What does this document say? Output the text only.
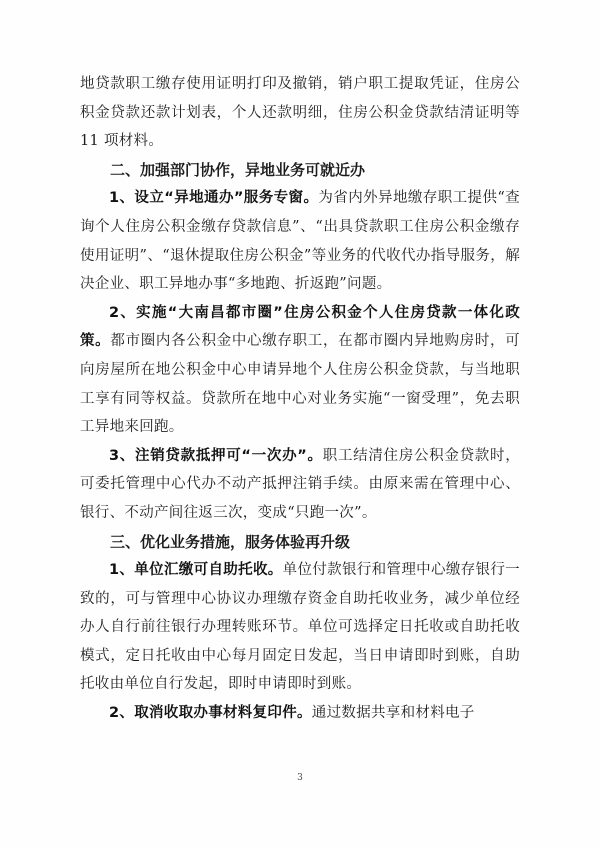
地贷款职工缴存使用证明打印及撤销，销户职工提取凭证，住房公积金贷款还款计划表，个人还款明细，住房公积金贷款结清证明等 11 项材料。

二、加强部门协作，异地业务可就近办

1、设立“异地通办”服务专窗。为省内外异地缴存职工提供“查询个人住房公积金缴存贷款信息”、“出具贷款职工住房公积金缴存使用证明”、“退休提取住房公积金”等业务的代收代办指导服务，解决企业、职工异地办事“多地跑、折返跑”问题。

2、实施“大南昌都市圈”住房公积金个人住房贷款一体化政策。都市圈内各公积金中心缴存职工，在都市圈内异地购房时，可向房屋所在地公积金中心申请异地个人住房公积金贷款，与当地职工享有同等权益。贷款所在地中心对业务实施“一窗受理”，免去职工异地来回跑。

3、注销贷款抵押可“一次办”。职工结清住房公积金贷款时，可委托管理中心代办不动产抵押注销手续。由原来需在管理中心、银行、不动产间往返三次，变成“只跑一次”。

三、优化业务措施，服务体验再升级

1、单位汇缴可自助托收。单位付款银行和管理中心缴存银行一致的，可与管理中心协议办理缴存资金自助托收业务，减少单位经办人自行前往银行办理转账环节。单位可选择定日托收或自助托收模式，定日托收由中心每月固定日发起，当日申请即时到账，自助托收由单位自行发起，即时申请即时到账。

2、取消收取办事材料复印件。通过数据共享和材料电子

3
